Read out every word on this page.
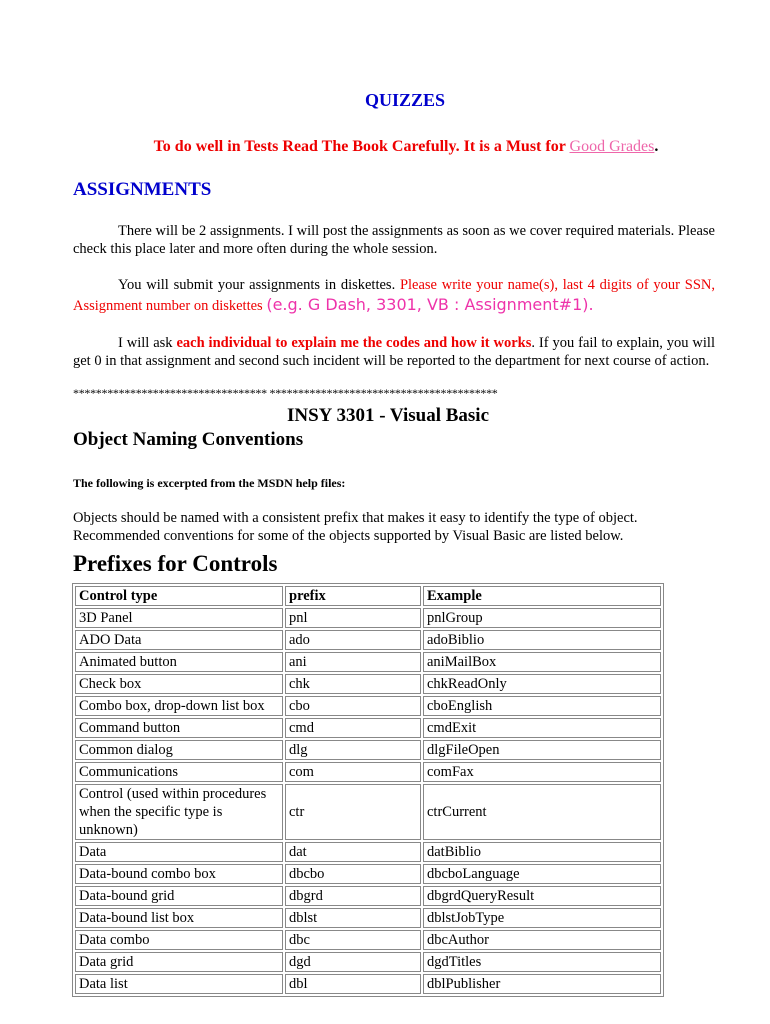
QUIZZES
To do well in Tests Read The Book Carefully. It is a Must for Good Grades.
ASSIGNMENTS

There will be 2 assignments. I will post the assignments as soon as we cover required materials. Please check this place later and more often during the whole session.

You will submit your assignments in diskettes. Please write your name(s), last 4 digits of your SSN, Assignment number on diskettes (e.g. G Dash, 3301, VB : Assignment#1).

I will ask each individual to explain me the codes and how it works. If you fail to explain, you will get 0 in that assignment and second such incident will be reported to the department for next course of action.

********************************** ****************************************
INSY 3301 - Visual Basic
Object Naming Conventions
The following is excerpted from the MSDN help files:

Objects should be named with a consistent prefix that makes it easy to identify the type of object. Recommended conventions for some of the objects supported by Visual Basic are listed below.

Prefixes for Controls
Control type	prefix	Example
3D Panel	pnl	pnlGroup
ADO Data	ado	adoBiblio
Animated button	ani	aniMailBox
Check box	chk	chkReadOnly
Combo box, drop-down list box	cbo	cboEnglish
Command button	cmd	cmdExit
Common dialog	dlg	dlgFileOpen
Communications	com	comFax
Control (used within procedures when the specific type is unknown)	ctr	ctrCurrent
Data	dat	datBiblio
Data-bound combo box	dbcbo	dbcboLanguage
Data-bound grid	dbgrd	dbgrdQueryResult
Data-bound list box	dblst	dblstJobType
Data combo	dbc	dbcAuthor
Data grid	dgd	dgdTitles
Data list	dbl	dblPublisher
